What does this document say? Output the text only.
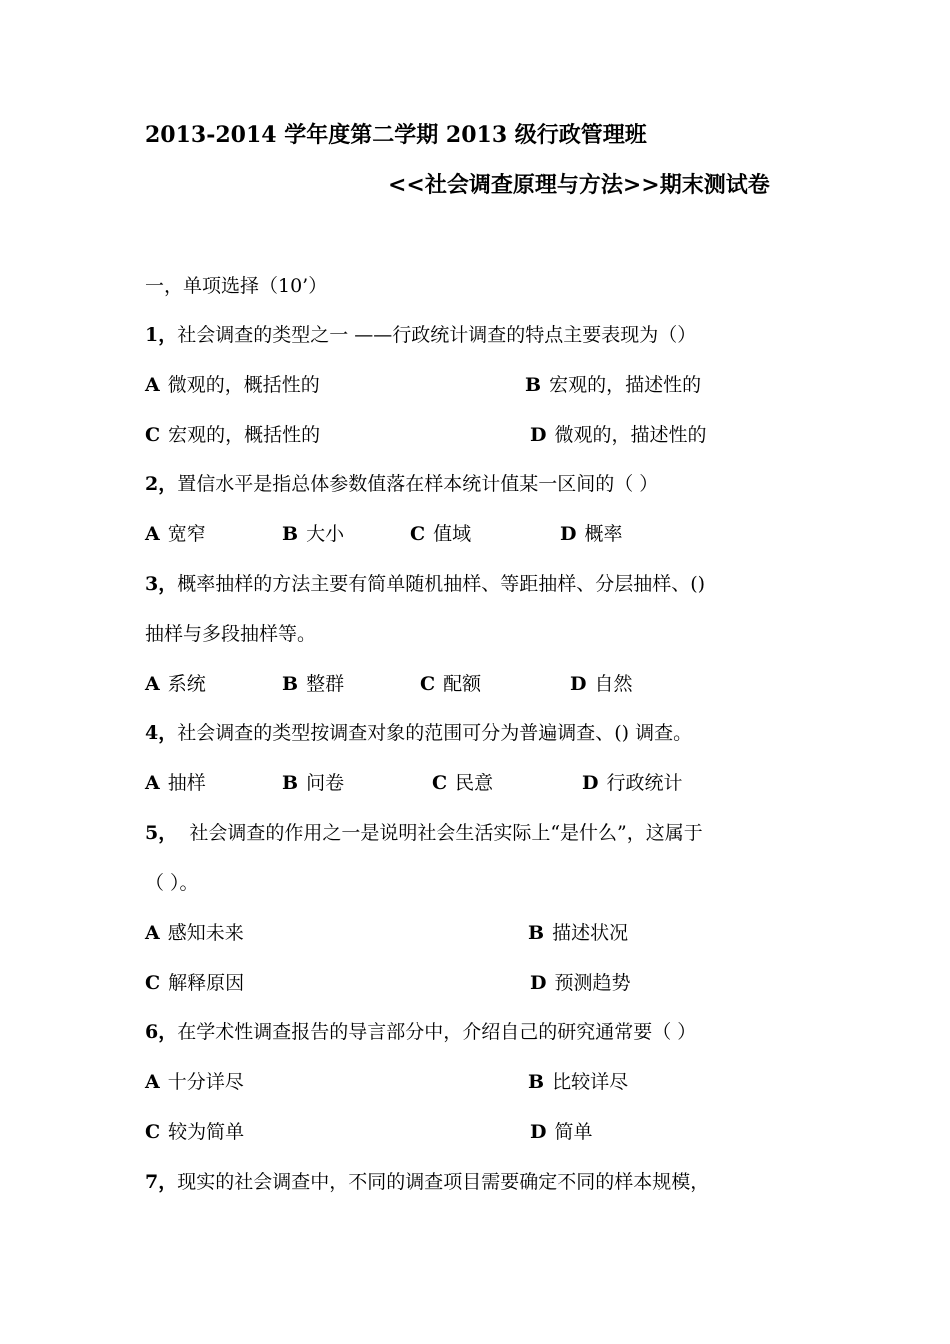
2013-2014 学年度第二学期 2013 级行政管理班
<<社会调查原理与方法>>期末测试卷
一，单项选择（10’）
1，社会调查的类型之一 ——行政统计调查的特点主要表现为（）
A 微观的，概括性的	B 宏观的，描述性的
C 宏观的，概括性的	D 微观的，描述性的
2，置信水平是指总体参数值落在样本统计值某一区间的（ ）
A 宽窄	B 大小	C 值域	D 概率
3，概率抽样的方法主要有简单随机抽样、等距抽样、分层抽样、()
抽样与多段抽样等。
A 系统	B 整群	C 配额	D 自然
4，社会调查的类型按调查对象的范围可分为普遍调查、() 调查。
A 抽样	B 问卷	C 民意	D 行政统计
5，  社会调查的作用之一是说明社会生活实际上“是什么”，这属于
（ ）。
A 感知未来	B 描述状况
C 解释原因	D 预测趋势
6，在学术性调查报告的导言部分中，介绍自己的研究通常要（ ）
A 十分详尽	B 比较详尽
C 较为简单	D 简单
7，现实的社会调查中，不同的调查项目需要确定不同的样本规模，
